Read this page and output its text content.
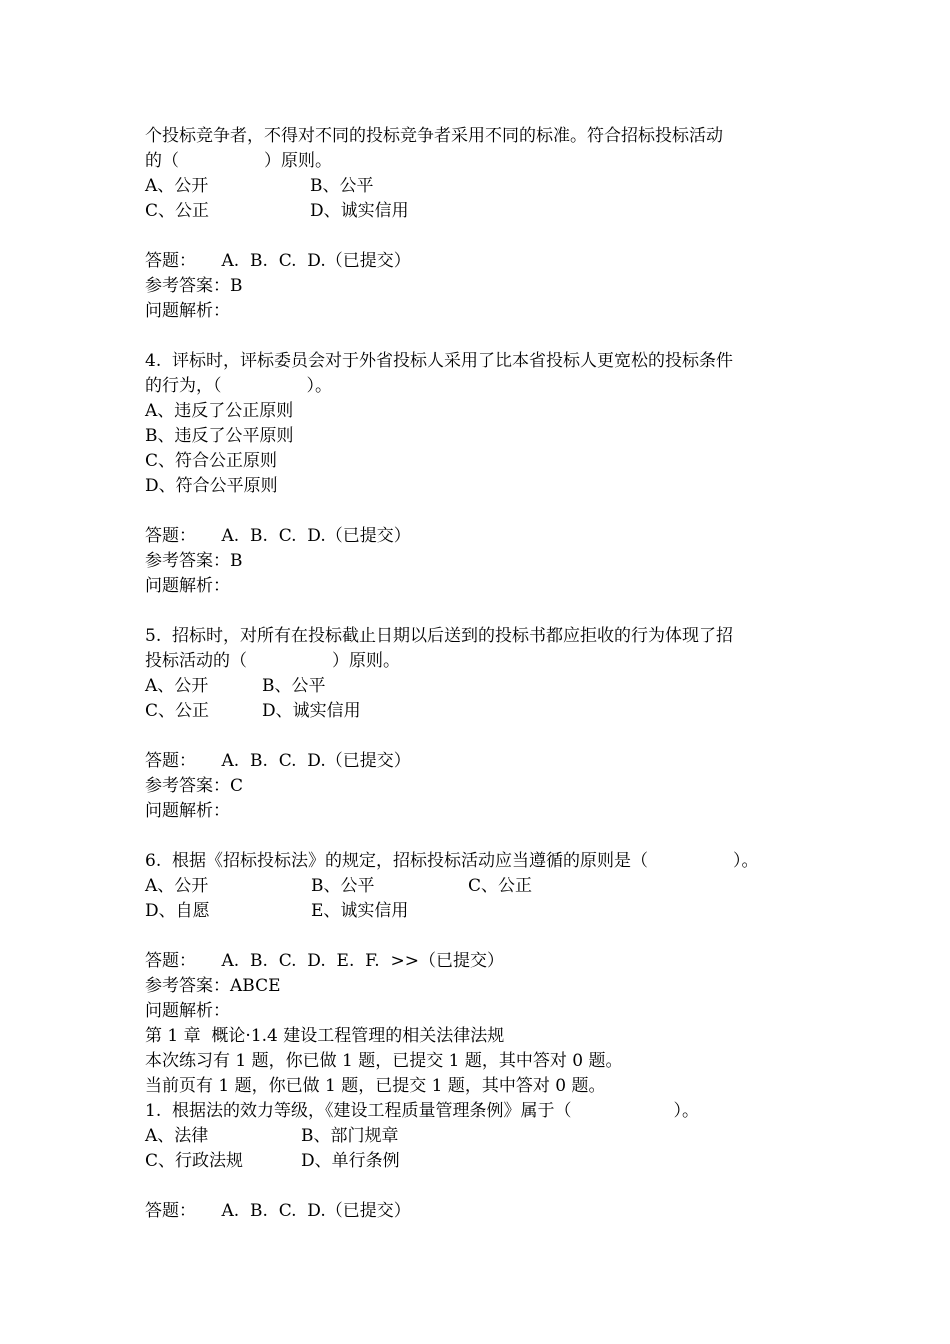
个投标竞争者，不得对不同的投标竞争者采用不同的标准。符合招标投标活动
的（　　　　　）原则。
A、公开	B、公平
C、公正	D、诚实信用
答题：　　A.  B.  C.  D.（已提交）
参考答案：B
问题解析：
4.  评标时，评标委员会对于外省投标人采用了比本省投标人更宽松的投标条件
的行为，（　　　　　）。
A、违反了公正原则
B、违反了公平原则
C、符合公正原则
D、符合公平原则
答题：　　A.  B.  C.  D.（已提交）
参考答案：B
问题解析：
5.  招标时，对所有在投标截止日期以后送到的投标书都应拒收的行为体现了招
投标活动的（　　　　　）原则。
A、公开	B、公平
C、公正	D、诚实信用
答题：　　A.  B.  C.  D.（已提交）
参考答案：C
问题解析：
6.  根据《招标投标法》的规定，招标投标活动应当遵循的原则是（　　　　　）。
A、公开	B、公平	C、公正
D、自愿	E、诚实信用
答题：　　A.  B.  C.  D.  E.  F.  >>（已提交）
参考答案：ABCE
问题解析：
第 1 章  概论·1.4 建设工程管理的相关法律法规
本次练习有 1 题，你已做 1 题，已提交 1 题，其中答对 0 题。
当前页有 1 题，你已做 1 题，已提交 1 题，其中答对 0 题。
1.  根据法的效力等级，《建设工程质量管理条例》属于（　　　　　　）。
A、法律	B、部门规章
C、行政法规	D、单行条例
答题：　　A.  B.  C.  D.（已提交）
